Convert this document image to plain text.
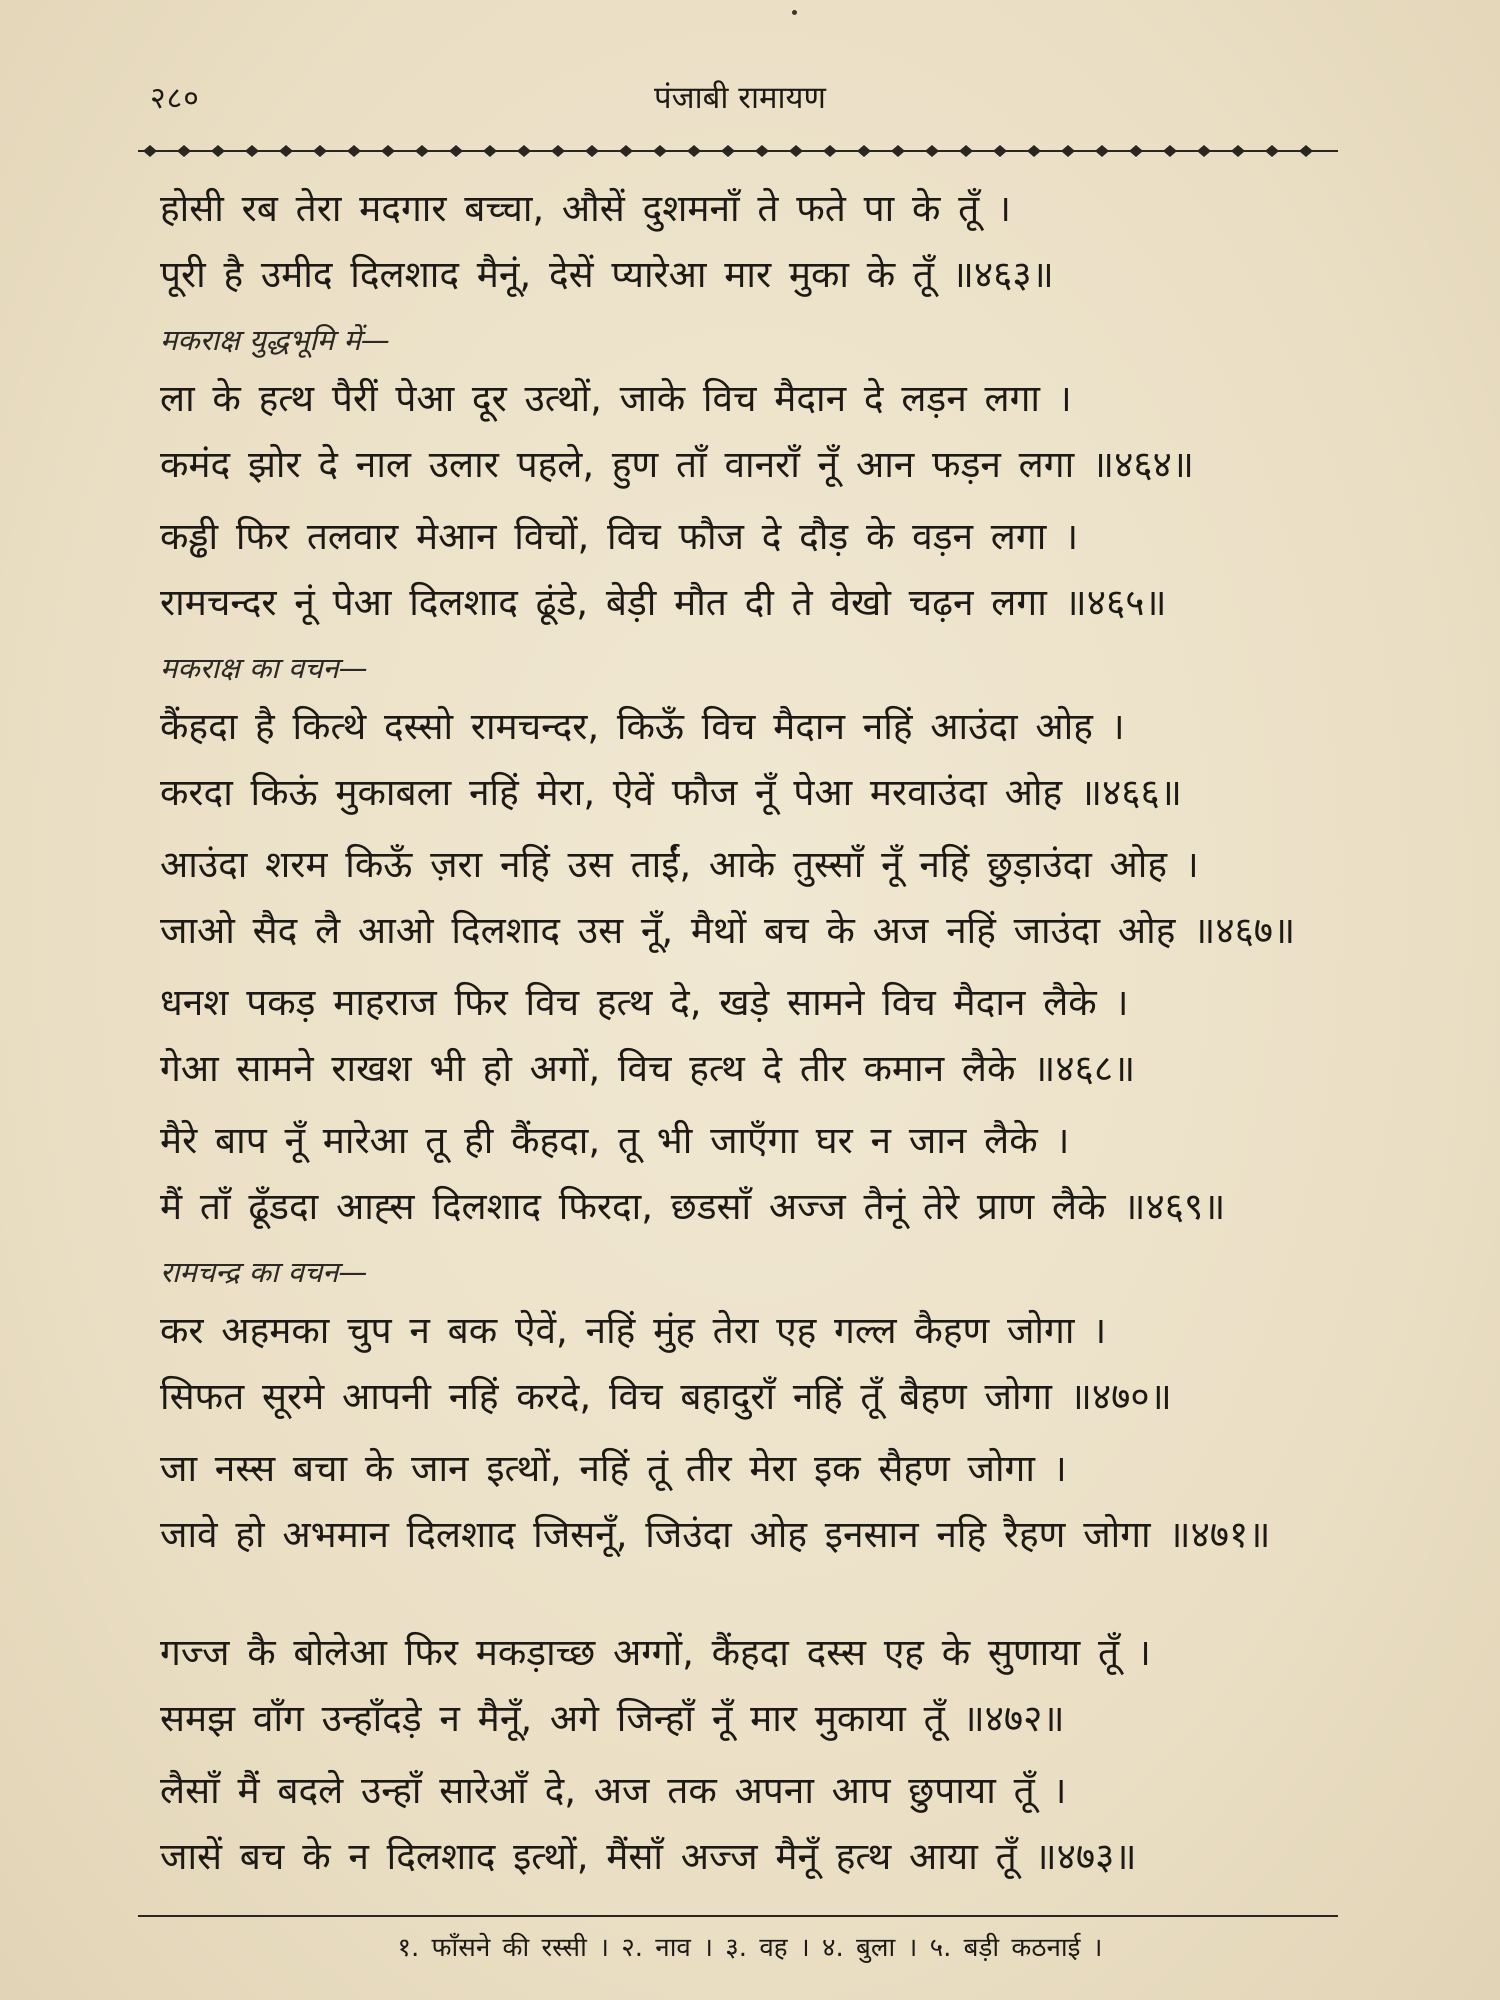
२८०	पंजाबी रामायण
होसी रब तेरा मदगार बच्चा, औसें दुशमनाँ ते फते पा के तूँ ।
पूरी है उमीद दिलशाद मैनूं, देसें प्यारेआ मार मुका के तूँ ॥४६३॥
मकराक्ष युद्धभूमि में—
ला के हत्थ पैरीं पेआ दूर उत्थों, जाके विच मैदान दे लड़न लगा ।
कमंद झोर दे नाल उलार पहले, हुण ताँ वानराँ नूँ आन फड़न लगा ॥४६४॥
कड्ढी फिर तलवार मेआन विचों, विच फौज दे दौड़ के वड़न लगा ।
रामचन्दर नूं पेआ दिलशाद ढूंडे, बेड़ी मौत दी ते वेखो चढ़न लगा ॥४६५॥
मकराक्ष का वचन—
कैंहदा है कित्थे दस्सो रामचन्दर, किऊँ विच मैदान नहिं आउंदा ओह ।
करदा किऊं मुकाबला नहिं मेरा, ऐवें फौज नूँ पेआ मरवाउंदा ओह ॥४६६॥
आउंदा शरम किऊँ ज़रा नहिं उस ताईं, आके तुस्साँ नूँ नहिं छुड़ाउंदा ओह ।
जाओ सैद लै आओ दिलशाद उस नूँ, मैथों बच के अज नहिं जाउंदा ओह ॥४६७॥
धनश पकड़ माहराज फिर विच हत्थ दे, खड़े सामने विच मैदान लैके ।
गेआ सामने राखश भी हो अगों, विच हत्थ दे तीर कमान लैके ॥४६८॥
मैरे बाप नूँ मारेआ तू ही कैंहदा, तू भी जाएँगा घर न जान लैके ।
मैं ताँ ढूँडदा आह्स दिलशाद फिरदा, छडसाँ अज्ज तैनूं तेरे प्राण लैके ॥४६९॥
रामचन्द्र का वचन—
कर अहमका चुप न बक ऐवें, नहिं मुंह तेरा एह गल्ल कैहण जोगा ।
सिफत सूरमे आपनी नहिं करदे, विच बहादुराँ नहिं तूँ बैहण जोगा ॥४७०॥
जा नस्स बचा के जान इत्थों, नहिं तूं तीर मेरा इक सैहण जोगा ।
जावे हो अभमान दिलशाद जिसनूँ, जिउंदा ओह इनसान नहि रैहण जोगा ॥४७१॥
गज्ज कै बोलेआ फिर मकड़ाच्छ अग्गों, कैंहदा दस्स एह के सुणाया तूँ ।
समझ वाँग उन्हाँदड़े न मैनूँ, अगे जिन्हाँ नूँ मार मुकाया तूँ ॥४७२॥
लैसाँ मैं बदले उन्हाँ सारेआँ दे, अज तक अपना आप छुपाया तूँ ।
जासें बच के न दिलशाद इत्थों, मैंसाँ अज्ज मैनूँ हत्थ आया तूँ ॥४७३॥
१. फाँसने की रस्सी । २. नाव । ३. वह । ४. बुला । ५. बड़ी कठनाई ।
